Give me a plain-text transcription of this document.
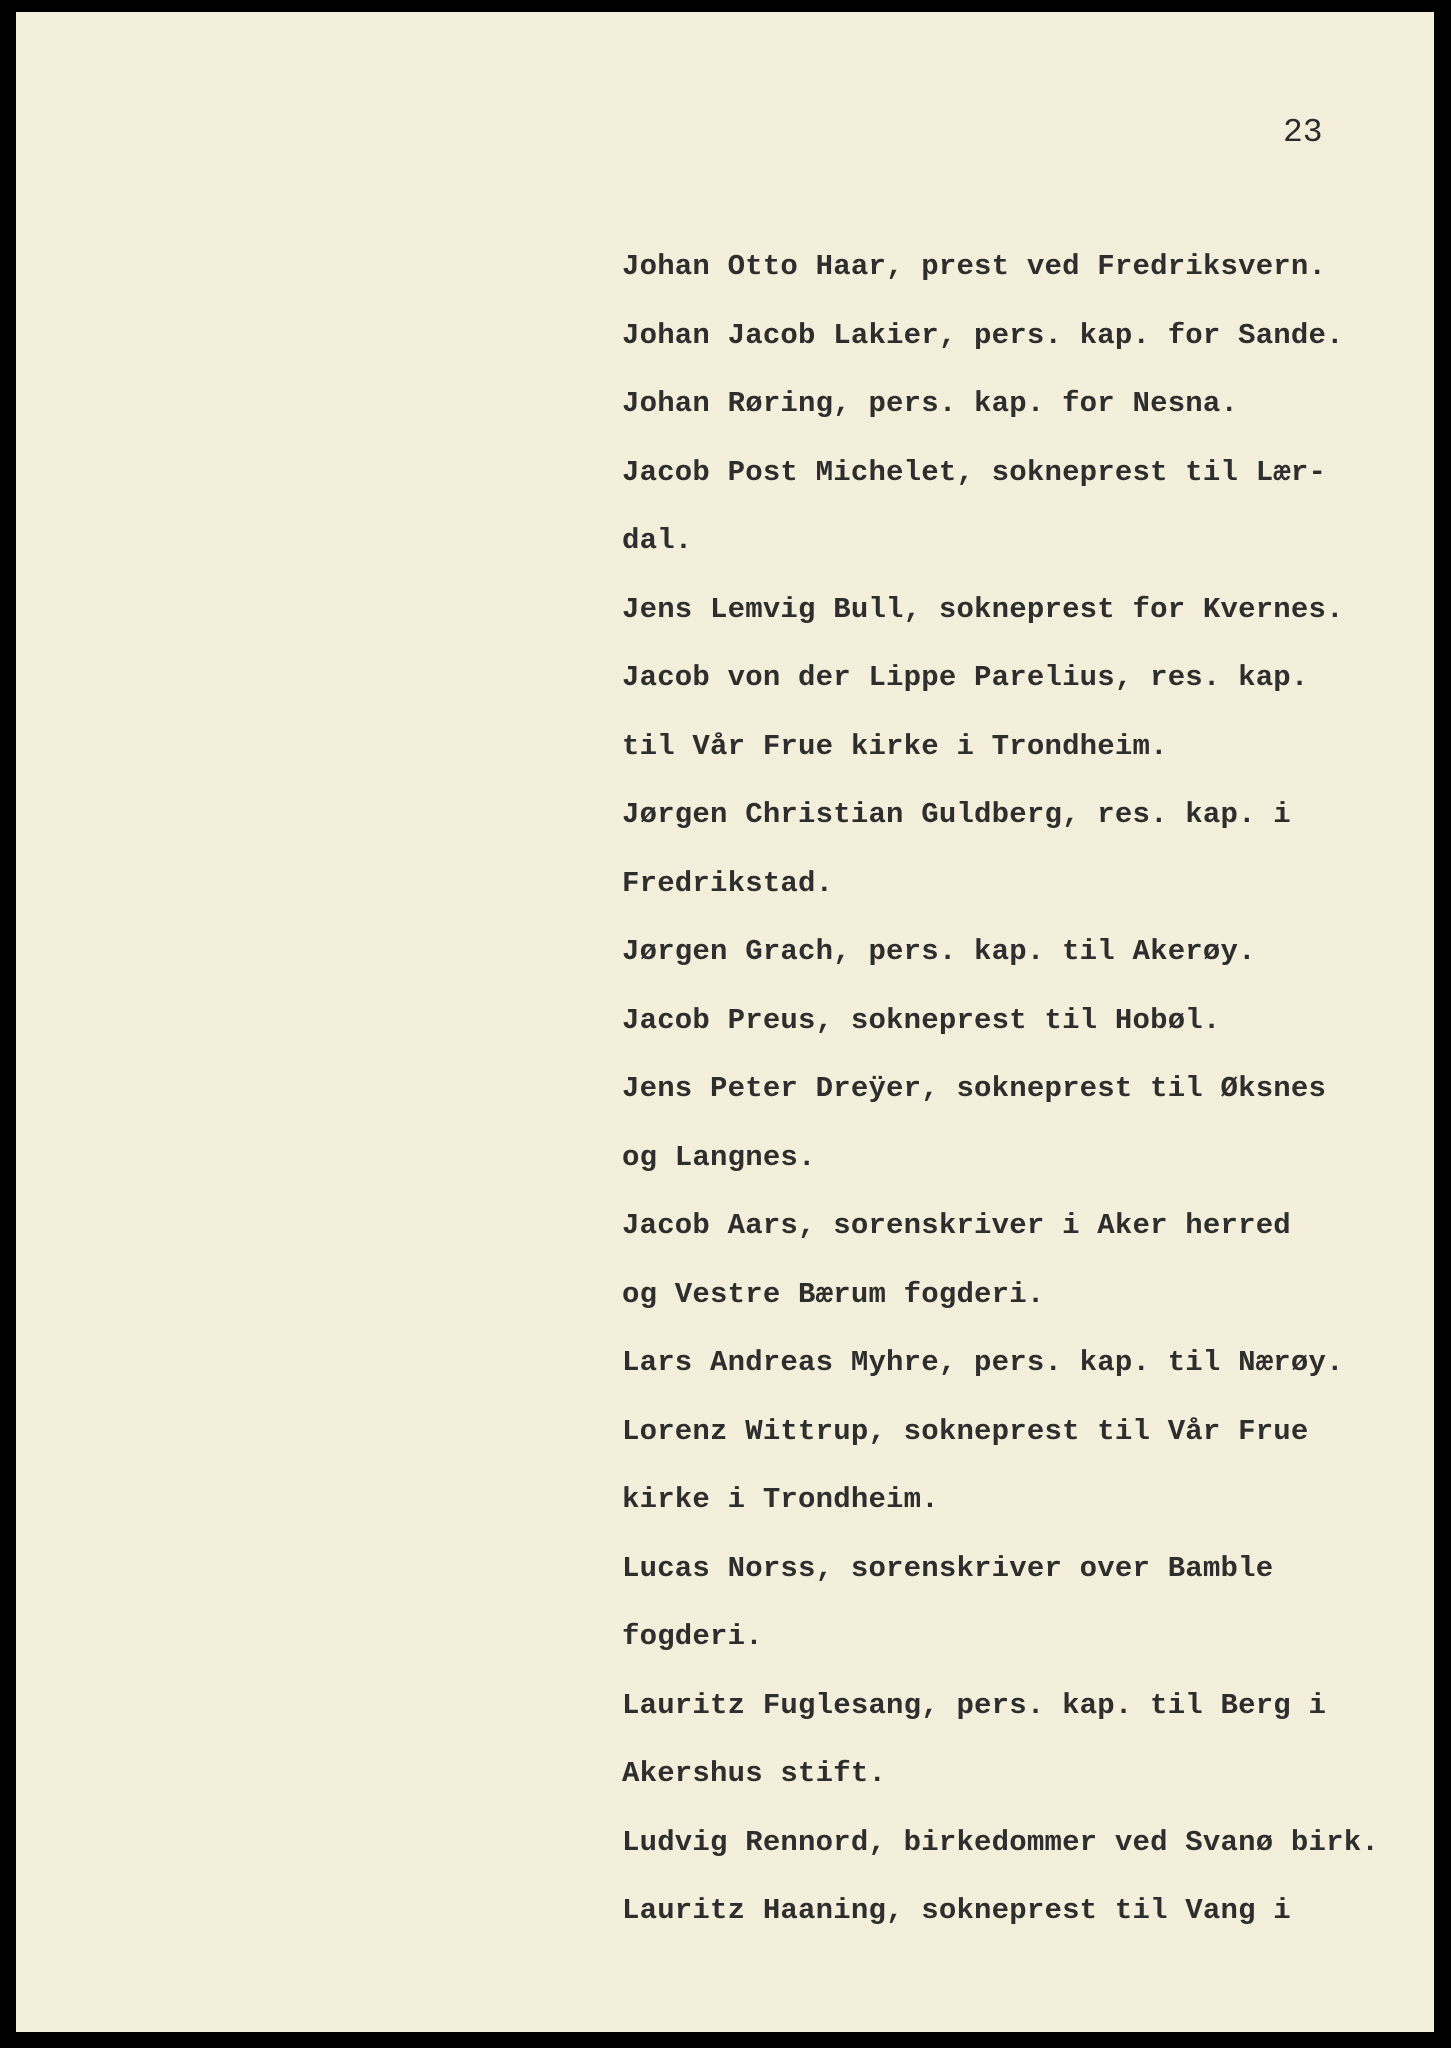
23
Johan Otto Haar, prest ved Fredriksvern.
Johan Jacob Lakier, pers. kap. for Sande.
Johan Røring, pers. kap. for Nesna.
Jacob Post Michelet, sokneprest til Lær-
dal.
Jens Lemvig Bull, sokneprest for Kvernes.
Jacob von der Lippe Parelius, res. kap.
til Vår Frue kirke i Trondheim.
Jørgen Christian Guldberg, res. kap. i
Fredrikstad.
Jørgen Grach, pers. kap. til Akerøy.
Jacob Preus, sokneprest til Hobøl.
Jens Peter Dreÿer, sokneprest til Øksnes
og Langnes.
Jacob Aars, sorenskriver i Aker herred
og Vestre Bærum fogderi.
Lars Andreas Myhre, pers. kap. til Nærøy.
Lorenz Wittrup, sokneprest til Vår Frue
kirke i Trondheim.
Lucas Norss, sorenskriver over Bamble
fogderi.
Lauritz Fuglesang, pers. kap. til Berg i
Akershus stift.
Ludvig Rennord, birkedommer ved Svanø birk.
Lauritz Haaning, sokneprest til Vang i
